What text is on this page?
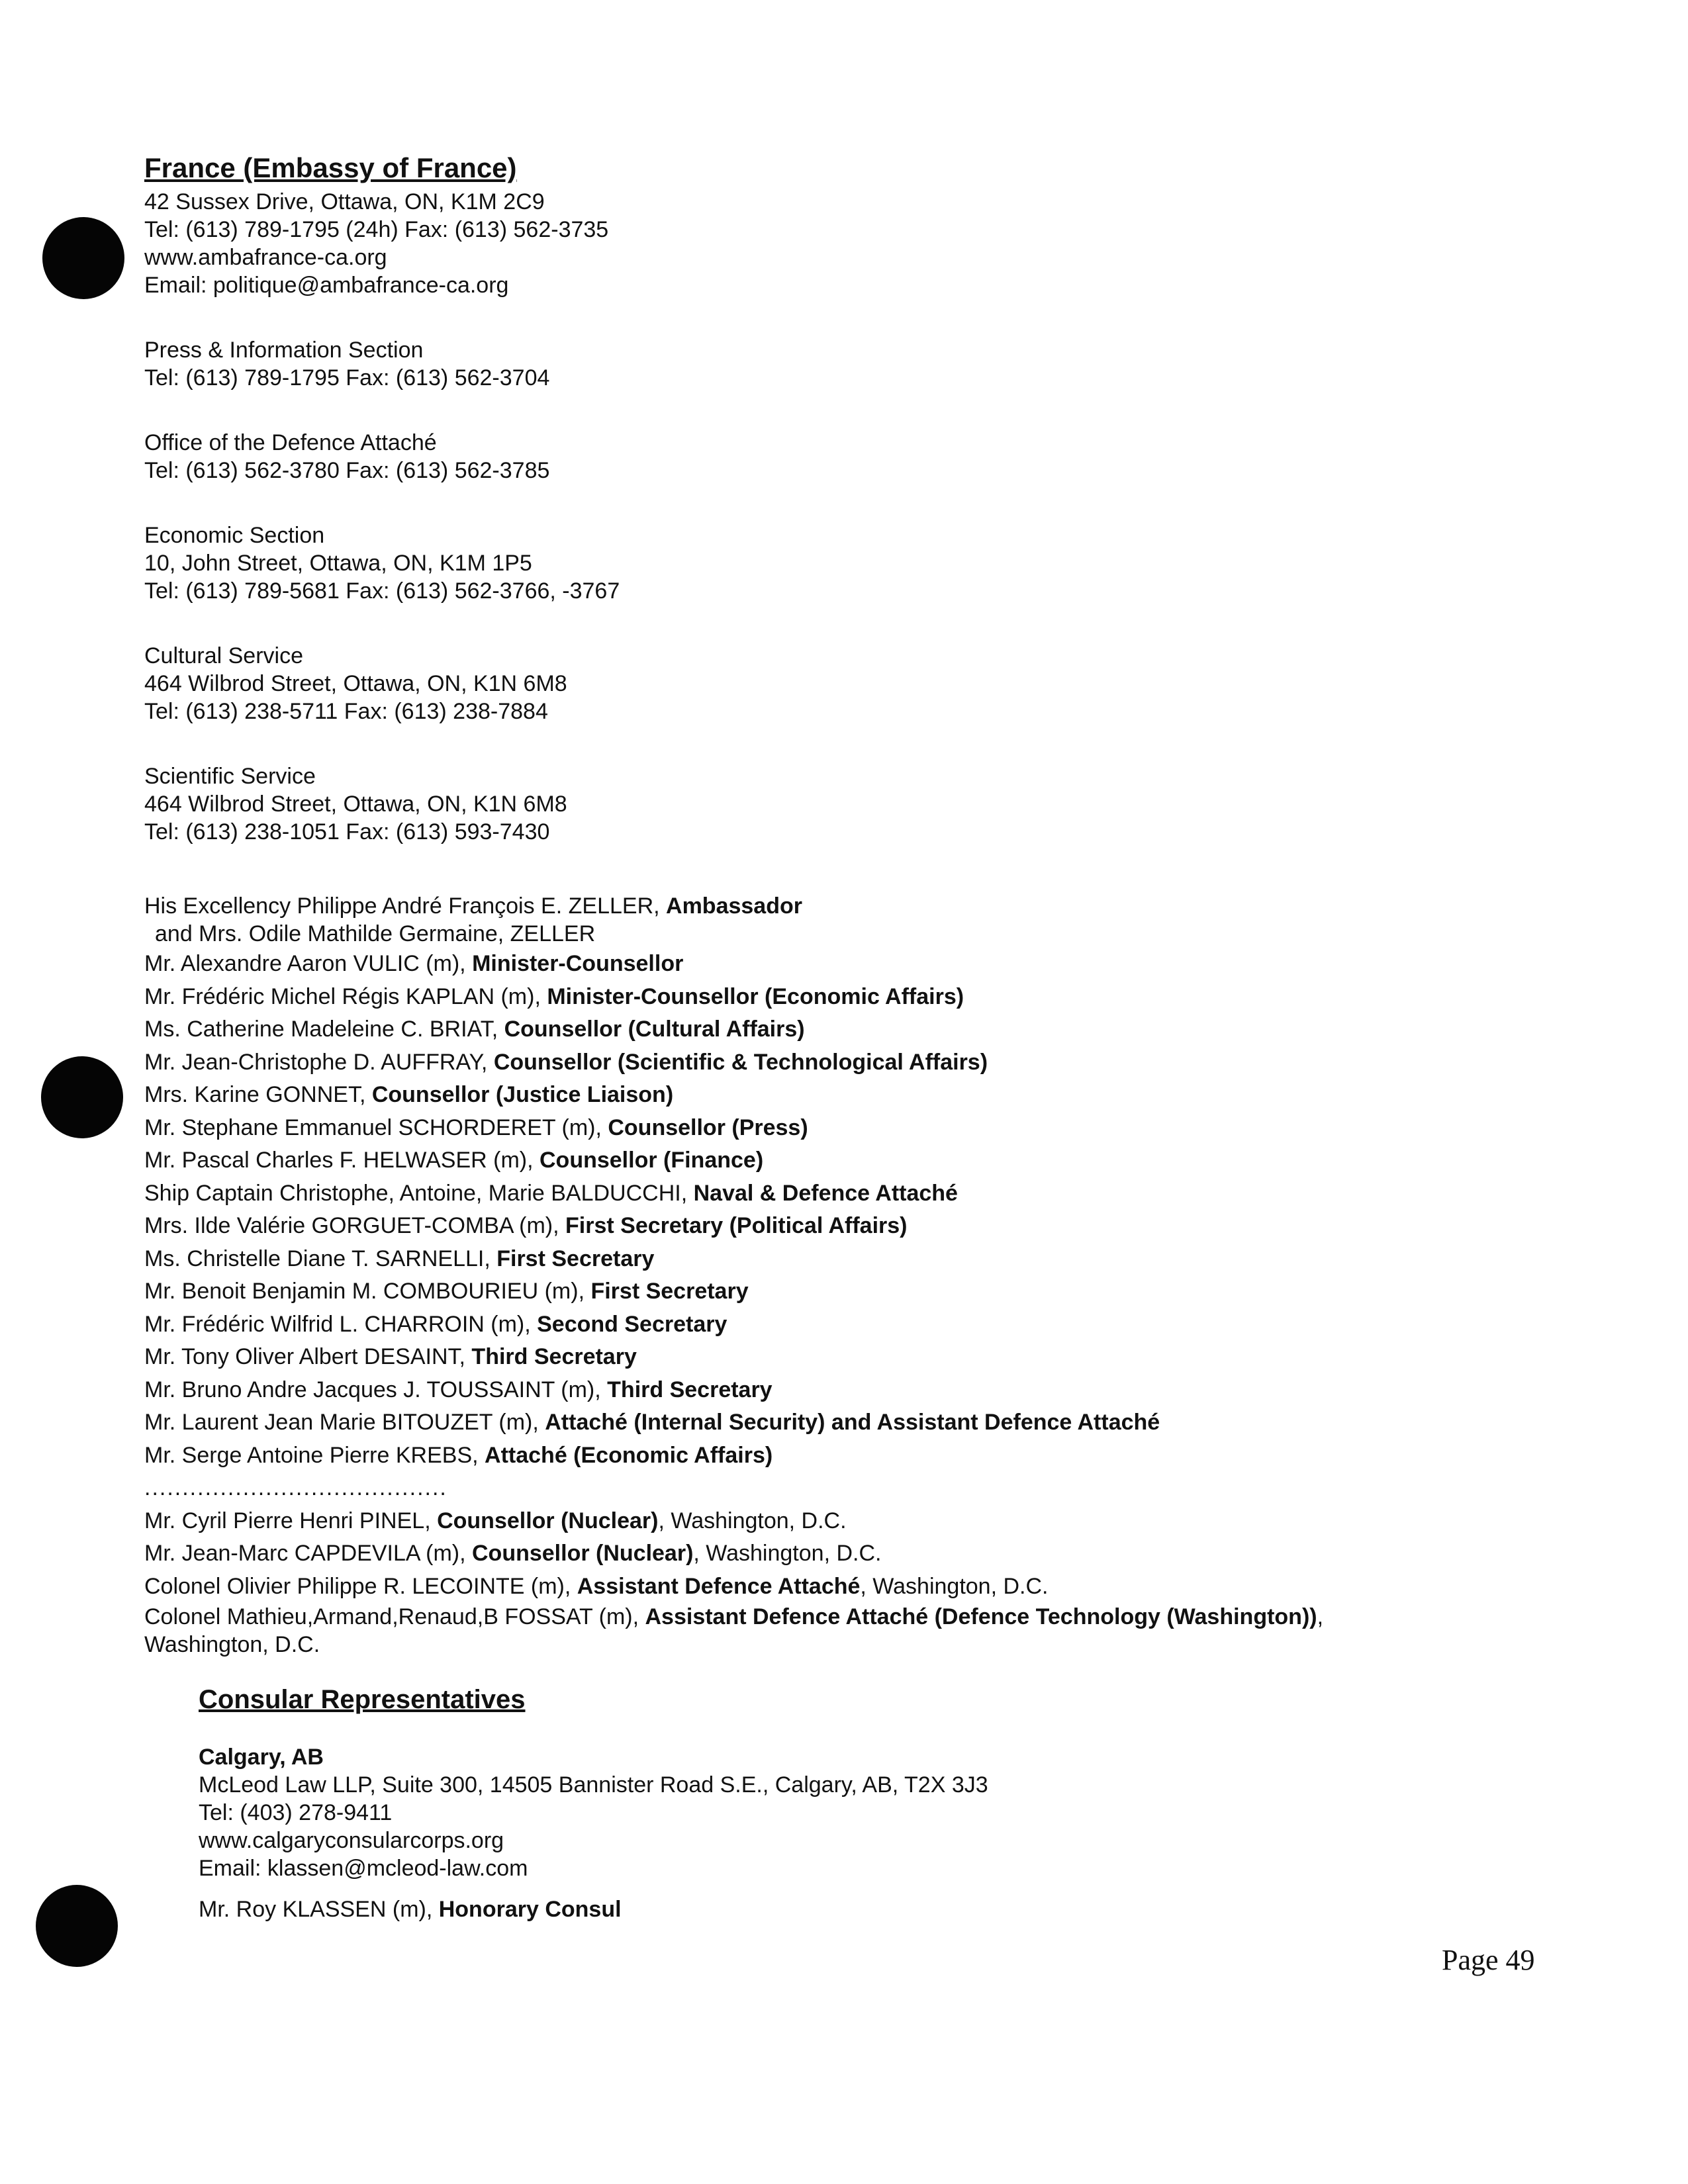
France (Embassy of France)
42 Sussex Drive, Ottawa, ON, K1M 2C9
Tel: (613) 789-1795 (24h) Fax: (613) 562-3735
www.ambafrance-ca.org
Email: politique@ambafrance-ca.org
Press & Information Section
Tel: (613) 789-1795 Fax: (613) 562-3704
Office of the Defence Attaché
Tel: (613) 562-3780 Fax: (613) 562-3785
Economic Section
10, John Street, Ottawa, ON, K1M 1P5
Tel: (613) 789-5681 Fax: (613) 562-3766, -3767
Cultural Service
464 Wilbrod Street, Ottawa, ON, K1N 6M8
Tel: (613) 238-5711 Fax: (613) 238-7884
Scientific Service
464 Wilbrod Street, Ottawa, ON, K1N 6M8
Tel: (613) 238-1051 Fax: (613) 593-7430
His Excellency Philippe André François E. ZELLER, Ambassador
and Mrs. Odile Mathilde Germaine, ZELLER
Mr. Alexandre Aaron VULIC (m), Minister-Counsellor
Mr. Frédéric Michel Régis KAPLAN (m), Minister-Counsellor (Economic Affairs)
Ms. Catherine Madeleine C. BRIAT, Counsellor (Cultural Affairs)
Mr. Jean-Christophe D. AUFFRAY, Counsellor (Scientific & Technological Affairs)
Mrs. Karine GONNET, Counsellor (Justice Liaison)
Mr. Stephane Emmanuel SCHORDERET (m), Counsellor (Press)
Mr. Pascal Charles F. HELWASER (m), Counsellor (Finance)
Ship Captain Christophe, Antoine, Marie BALDUCCHI, Naval & Defence Attaché
Mrs. Ilde Valérie GORGUET-COMBA (m), First Secretary (Political Affairs)
Ms. Christelle Diane T. SARNELLI, First Secretary
Mr. Benoit Benjamin M. COMBOURIEU (m), First Secretary
Mr. Frédéric Wilfrid L. CHARROIN (m), Second Secretary
Mr. Tony Oliver Albert DESAINT, Third Secretary
Mr. Bruno Andre Jacques J. TOUSSAINT (m), Third Secretary
Mr. Laurent Jean Marie BITOUZET (m), Attaché (Internal Security) and Assistant Defence Attaché
Mr. Serge Antoine Pierre KREBS, Attaché (Economic Affairs)
........................................
Mr. Cyril Pierre Henri PINEL, Counsellor (Nuclear), Washington, D.C.
Mr. Jean-Marc CAPDEVILA (m), Counsellor (Nuclear), Washington, D.C.
Colonel Olivier Philippe R. LECOINTE (m), Assistant Defence Attaché, Washington, D.C.
Colonel Mathieu,Armand,Renaud,B FOSSAT (m), Assistant Defence Attaché (Defence Technology (Washington)),
Washington, D.C.
Consular Representatives
Calgary, AB
McLeod Law LLP, Suite 300, 14505 Bannister Road S.E., Calgary, AB, T2X 3J3
Tel: (403) 278-9411
www.calgaryconsularcorps.org
Email: klassen@mcleod-law.com
Mr. Roy KLASSEN (m), Honorary Consul
Page 49
